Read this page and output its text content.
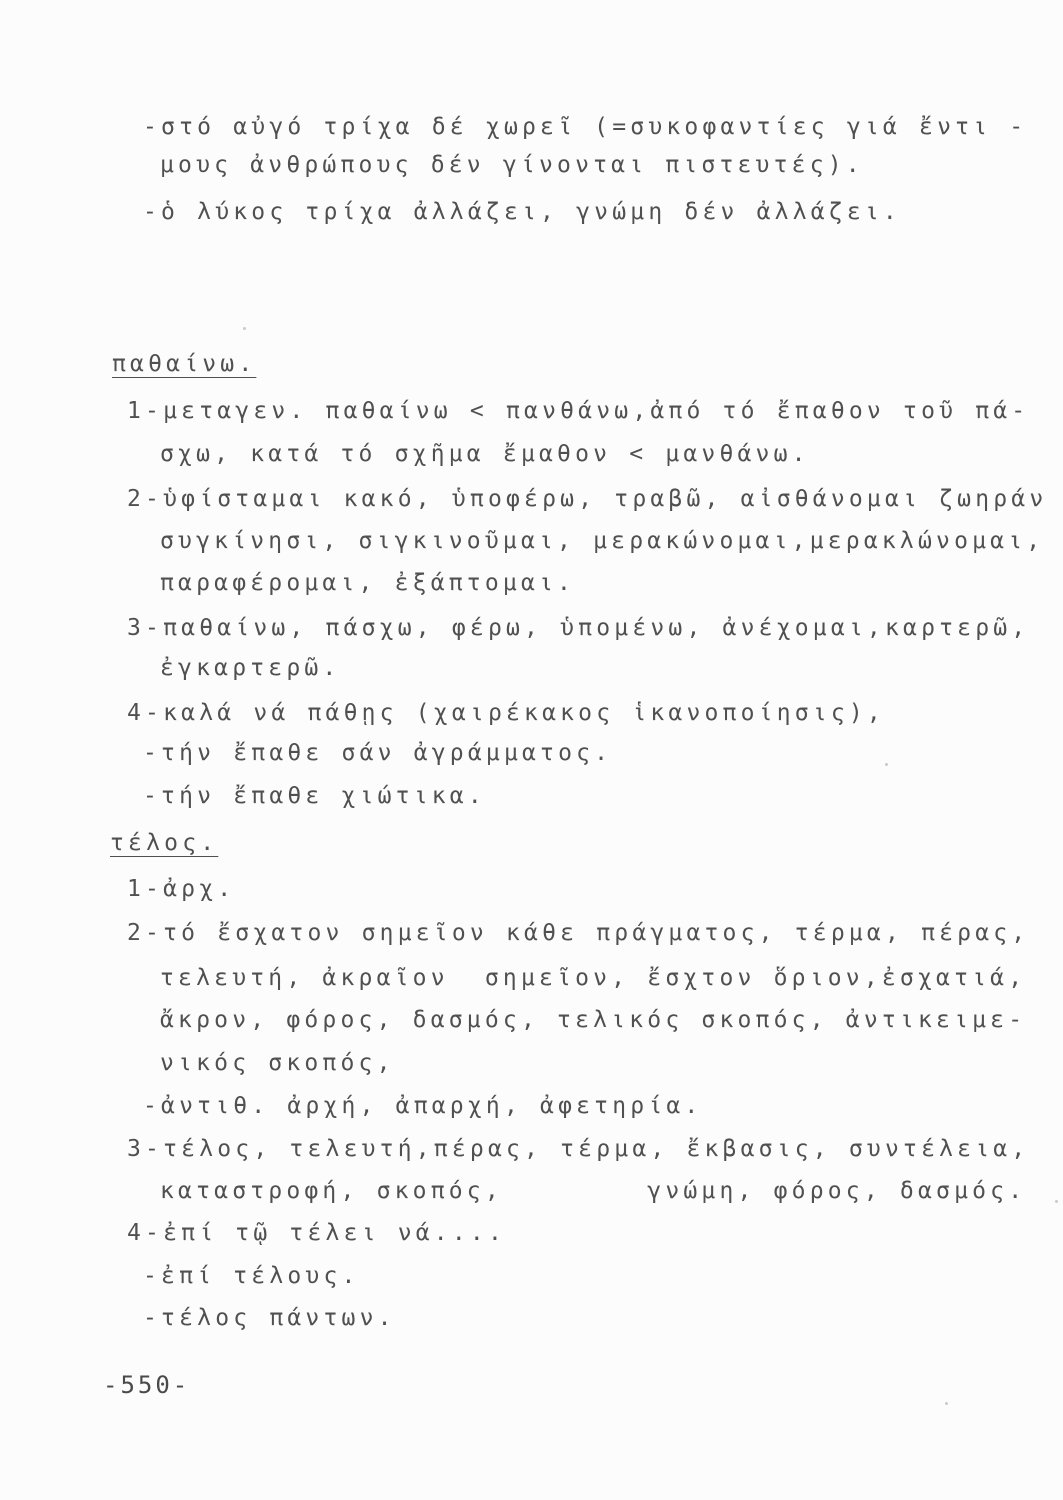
-στό αὐγό τρίχα δέ χωρεῖ (=συκοφαντίες γιά ἔντι -
μους ἀνθρώπους δέν γίνονται πιστευτές).
-ὁ λύκος τρίχα ἀλλάζει, γνώμη δέν ἀλλάζει.
παθαίνω.
1-μεταγεν. παθαίνω < πανθάνω,ἀπό τό ἔπαθον τοῦ πά-
σχω, κατά τό σχῆμα ἔμαθον < μανθάνω.
2-ὑφίσταμαι κακό, ὑποφέρω, τραβῶ, αἰσθάνομαι ζωηράν
συγκίνησι, σιγκινοῦμαι, μερακώνομαι,μερακλώνομαι,
παραφέρομαι, ἐξάπτομαι.
3-παθαίνω, πάσχω, φέρω, ὑπομένω, ἀνέχομαι,καρτερῶ,
ἐγκαρτερῶ.
4-καλά νά πάθῃς (χαιρέκακος ἱκανοποίησις),
-τήν ἔπαθε σάν ἀγράμματος.
-τήν ἔπαθε χιώτικα.
τέλος.
1-ἀρχ.
2-τό ἔσχατον σημεῖον κάθε πράγματος, τέρμα, πέρας,
τελευτή, ἀκραῖον  σημεῖον, ἔσχτον ὅριον,ἐσχατιά,
ἄκρον, φόρος, δασμός, τελικός σκοπός, ἀντικειμε-
νικός σκοπός,
-ἀντιθ. ἀρχή, ἀπαρχή, ἀφετηρία.
3-τέλος, τελευτή,πέρας, τέρμα, ἔκβασις, συντέλεια,
καταστροφή, σκοπός,        γνώμη, φόρος, δασμός.
4-ἐπί τῷ τέλει νά....
-ἐπί τέλους.
-τέλος πάντων.
-550-
